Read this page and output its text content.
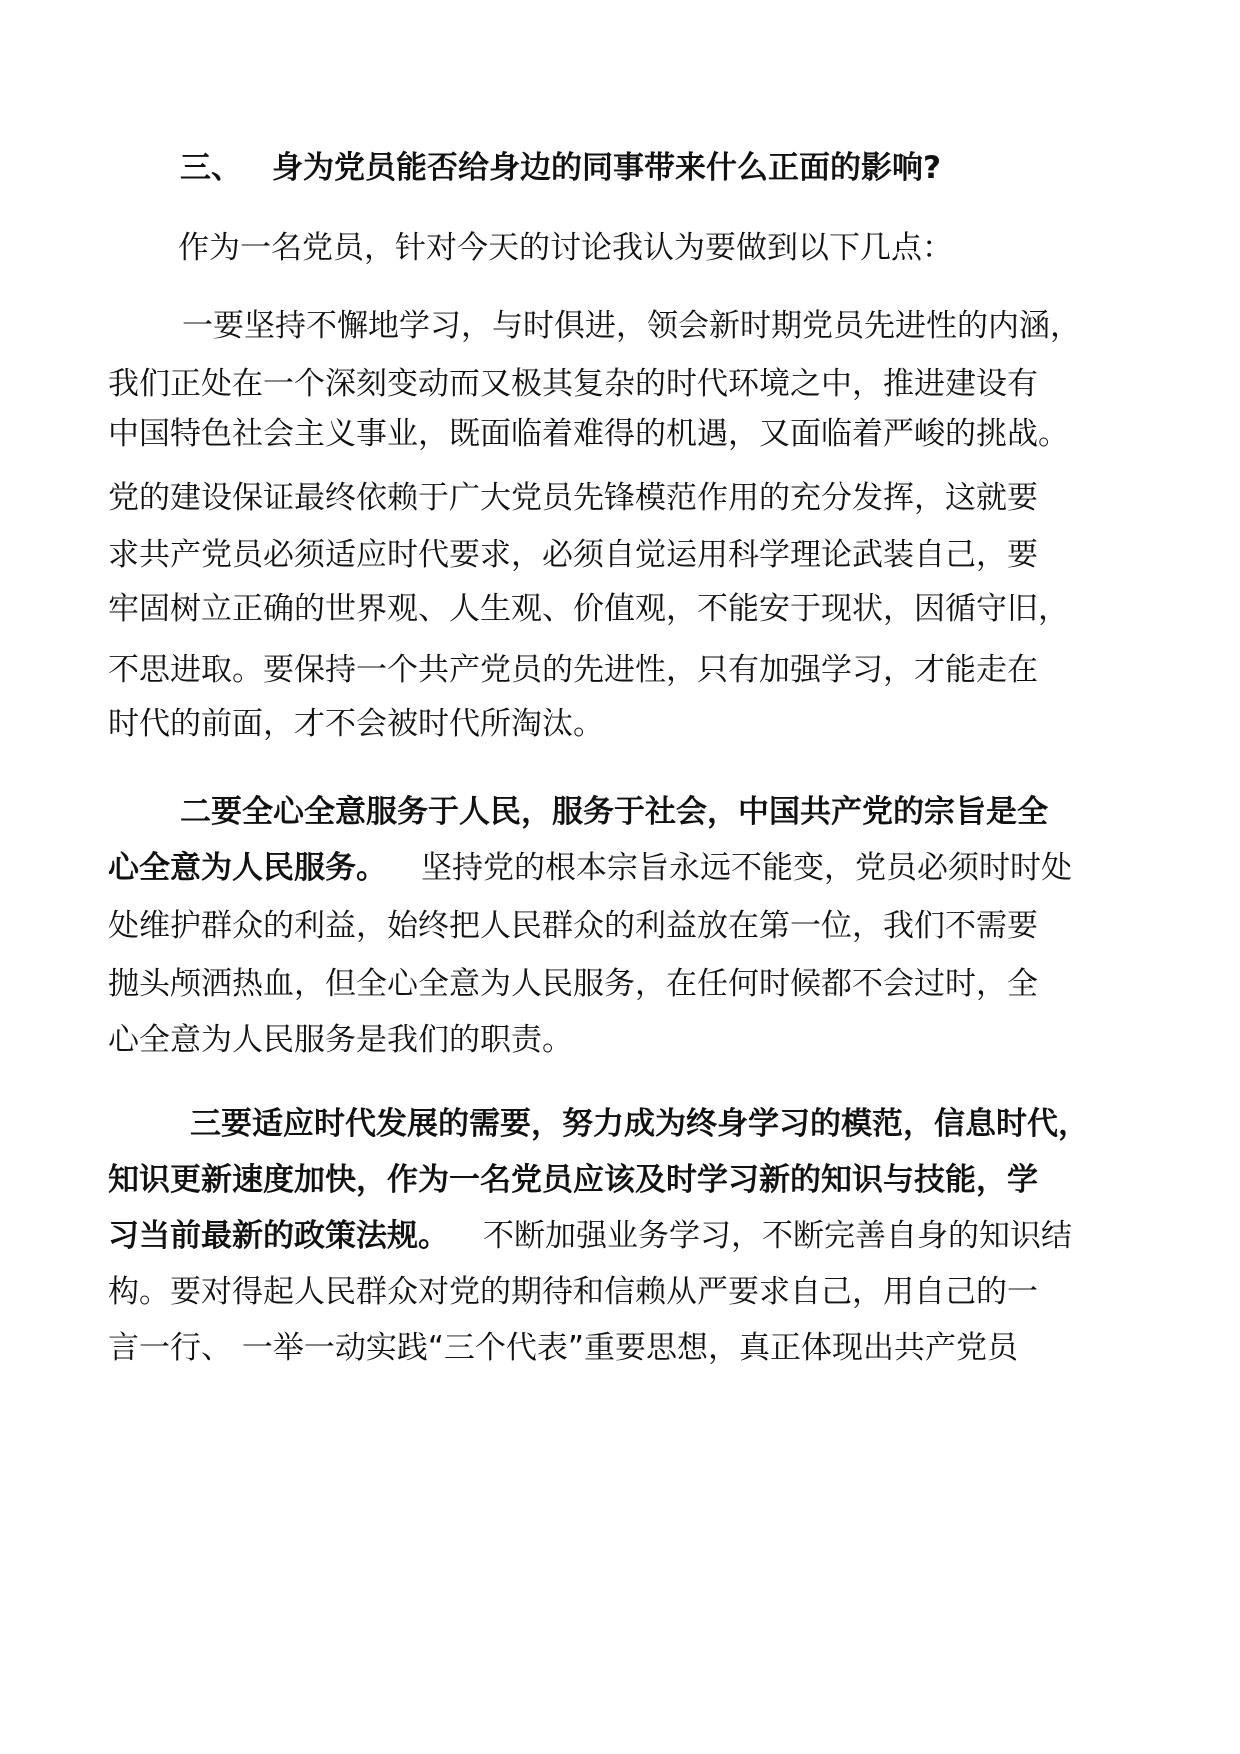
三、 身为党员能否给身边的同事带来什么正面的影响?
作为一名党员，针对今天的讨论我认为要做到以下几点：
一要坚持不懈地学习，与时俱进，领会新时期党员先进性的内涵，
我们正处在一个深刻变动而又极其复杂的时代环境之中，推进建设有
中国特色社会主义事业，既面临着难得的机遇，又面临着严峻的挑战。
党的建设保证最终依赖于广大党员先锋模范作用的充分发挥，这就要
求共产党员必须适应时代要求，必须自觉运用科学理论武装自己，要
牢固树立正确的世界观、人生观、价值观，不能安于现状，因循守旧，
不思进取。要保持一个共产党员的先进性，只有加强学习，才能走在
时代的前面，才不会被时代所淘汰。
二要全心全意服务于人民，服务于社会，中国共产党的宗旨是全
心全意为人民服务。 坚持党的根本宗旨永远不能变，党员必须时时处
处维护群众的利益，始终把人民群众的利益放在第一位，我们不需要
抛头颅洒热血，但全心全意为人民服务，在任何时候都不会过时，全
心全意为人民服务是我们的职责。
三要适应时代发展的需要，努力成为终身学习的模范，信息时代，
知识更新速度加快，作为一名党员应该及时学习新的知识与技能，学
习当前最新的政策法规。 不断加强业务学习，不断完善自身的知识结
构。要对得起人民群众对党的期待和信赖从严要求自己，用自己的一
言一行、 一举一动实践“三个代表”重要思想，真正体现出共产党员
